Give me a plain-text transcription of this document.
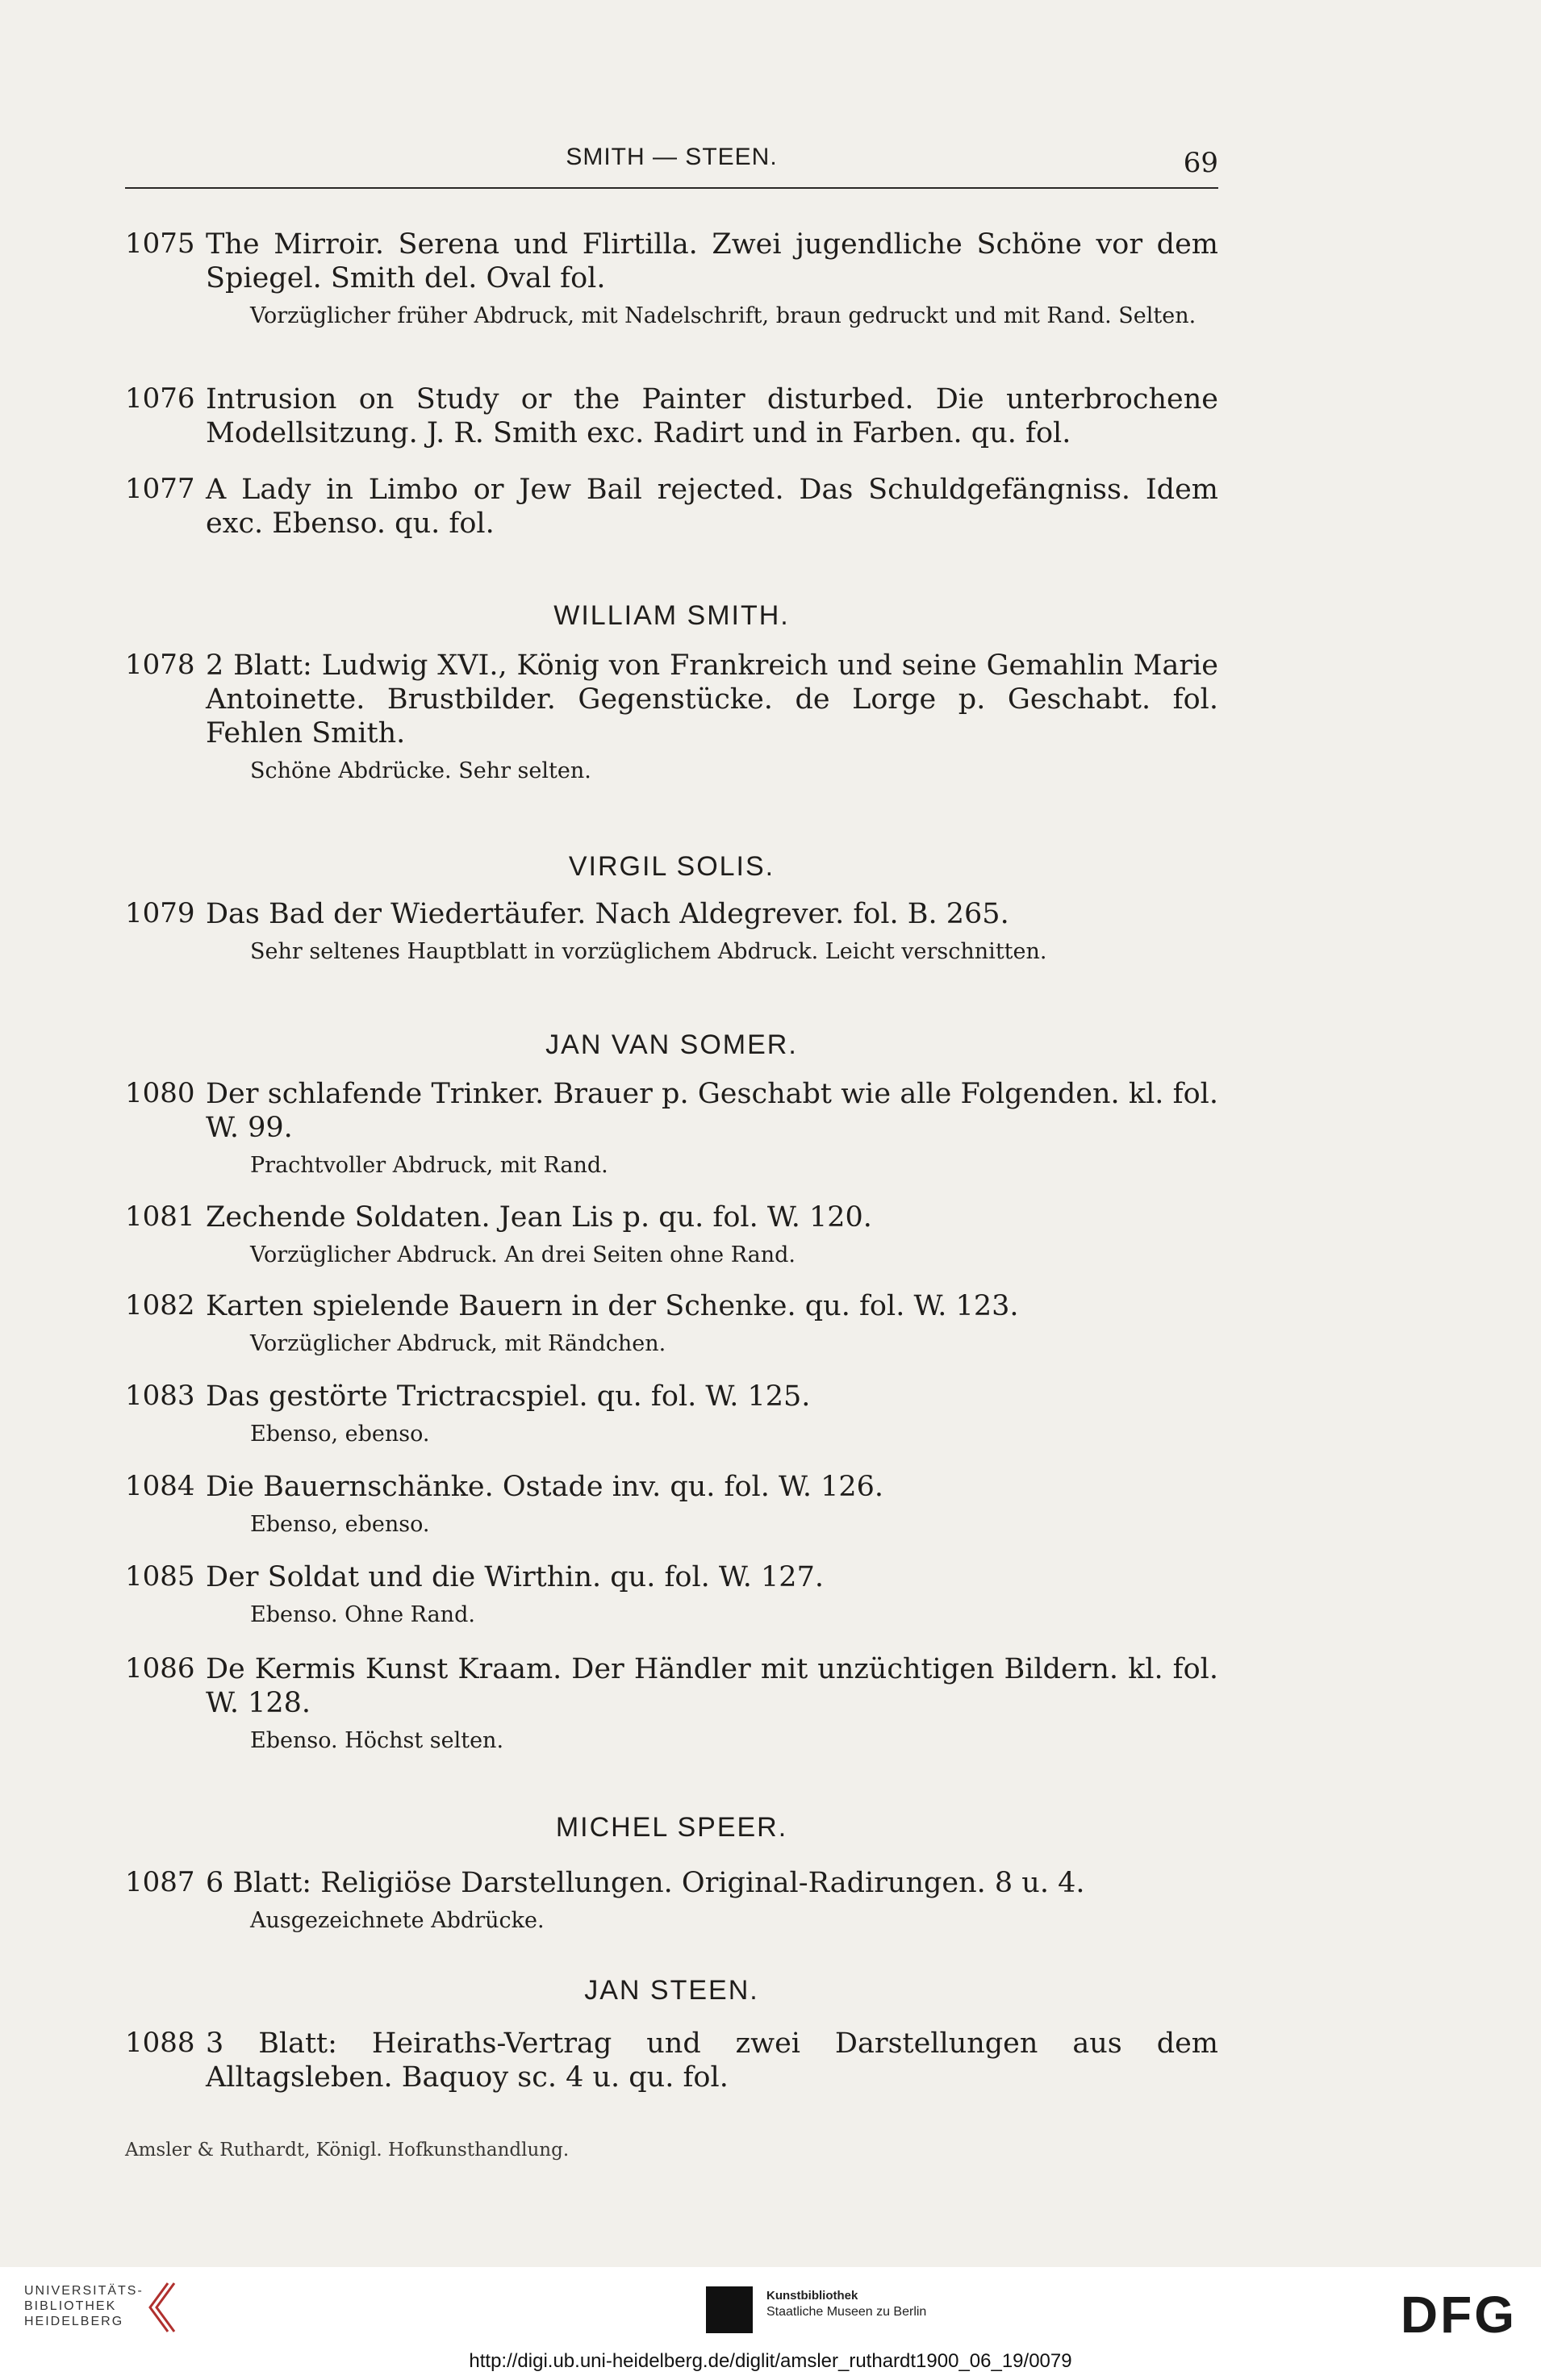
SMITH — STEEN.	69
1075 The Mirroir. Serena und Flirtilla. Zwei jugendliche Schöne vor dem Spiegel. Smith del. Oval fol.
Vorzüglicher früher Abdruck, mit Nadelschrift, braun gedruckt und mit Rand. Selten.
1076 Intrusion on Study or the Painter disturbed. Die unterbrochene Modellsitzung. J. R. Smith exc. Radirt und in Farben. qu. fol.
1077 A Lady in Limbo or Jew Bail rejected. Das Schuldgefängniss. Idem exc. Ebenso. qu. fol.
WILLIAM SMITH.
1078 2 Blatt: Ludwig XVI., König von Frankreich und seine Gemahlin Marie Antoinette. Brustbilder. Gegenstücke. de Lorge p. Geschabt. fol. Fehlen Smith.
Schöne Abdrücke. Sehr selten.
VIRGIL SOLIS.
1079 Das Bad der Wiedertäufer. Nach Aldegrever. fol. B. 265.
Sehr seltenes Hauptblatt in vorzüglichem Abdruck. Leicht verschnitten.
JAN VAN SOMER.
1080 Der schlafende Trinker. Brauer p. Geschabt wie alle Folgenden. kl. fol. W. 99.
Prachtvoller Abdruck, mit Rand.
1081 Zechende Soldaten. Jean Lis p. qu. fol. W. 120.
Vorzüglicher Abdruck. An drei Seiten ohne Rand.
1082 Karten spielende Bauern in der Schenke. qu. fol. W. 123.
Vorzüglicher Abdruck, mit Rändchen.
1083 Das gestörte Trictracspiel. qu. fol. W. 125.
Ebenso, ebenso.
1084 Die Bauernschänke. Ostade inv. qu. fol. W. 126.
Ebenso, ebenso.
1085 Der Soldat und die Wirthin. qu. fol. W. 127.
Ebenso. Ohne Rand.
1086 De Kermis Kunst Kraam. Der Händler mit unzüchtigen Bildern. kl. fol. W. 128.
Ebenso. Höchst selten.
MICHEL SPEER.
1087 6 Blatt: Religiöse Darstellungen. Original-Radirungen. 8 u. 4.
Ausgezeichnete Abdrücke.
JAN STEEN.
1088 3 Blatt: Heiraths-Vertrag und zwei Darstellungen aus dem Alltagsleben. Baquoy sc. 4 u. qu. fol.
Amsler & Ruthardt, Königl. Hofkunsthandlung.
UNIVERSITÄTS-
BIBLIOTHEK
HEIDELBERG
Kunstbibliothek
Staatliche Museen zu Berlin	DFG
http://digi.ub.uni-heidelberg.de/diglit/amsler_ruthardt1900_06_19/0079
